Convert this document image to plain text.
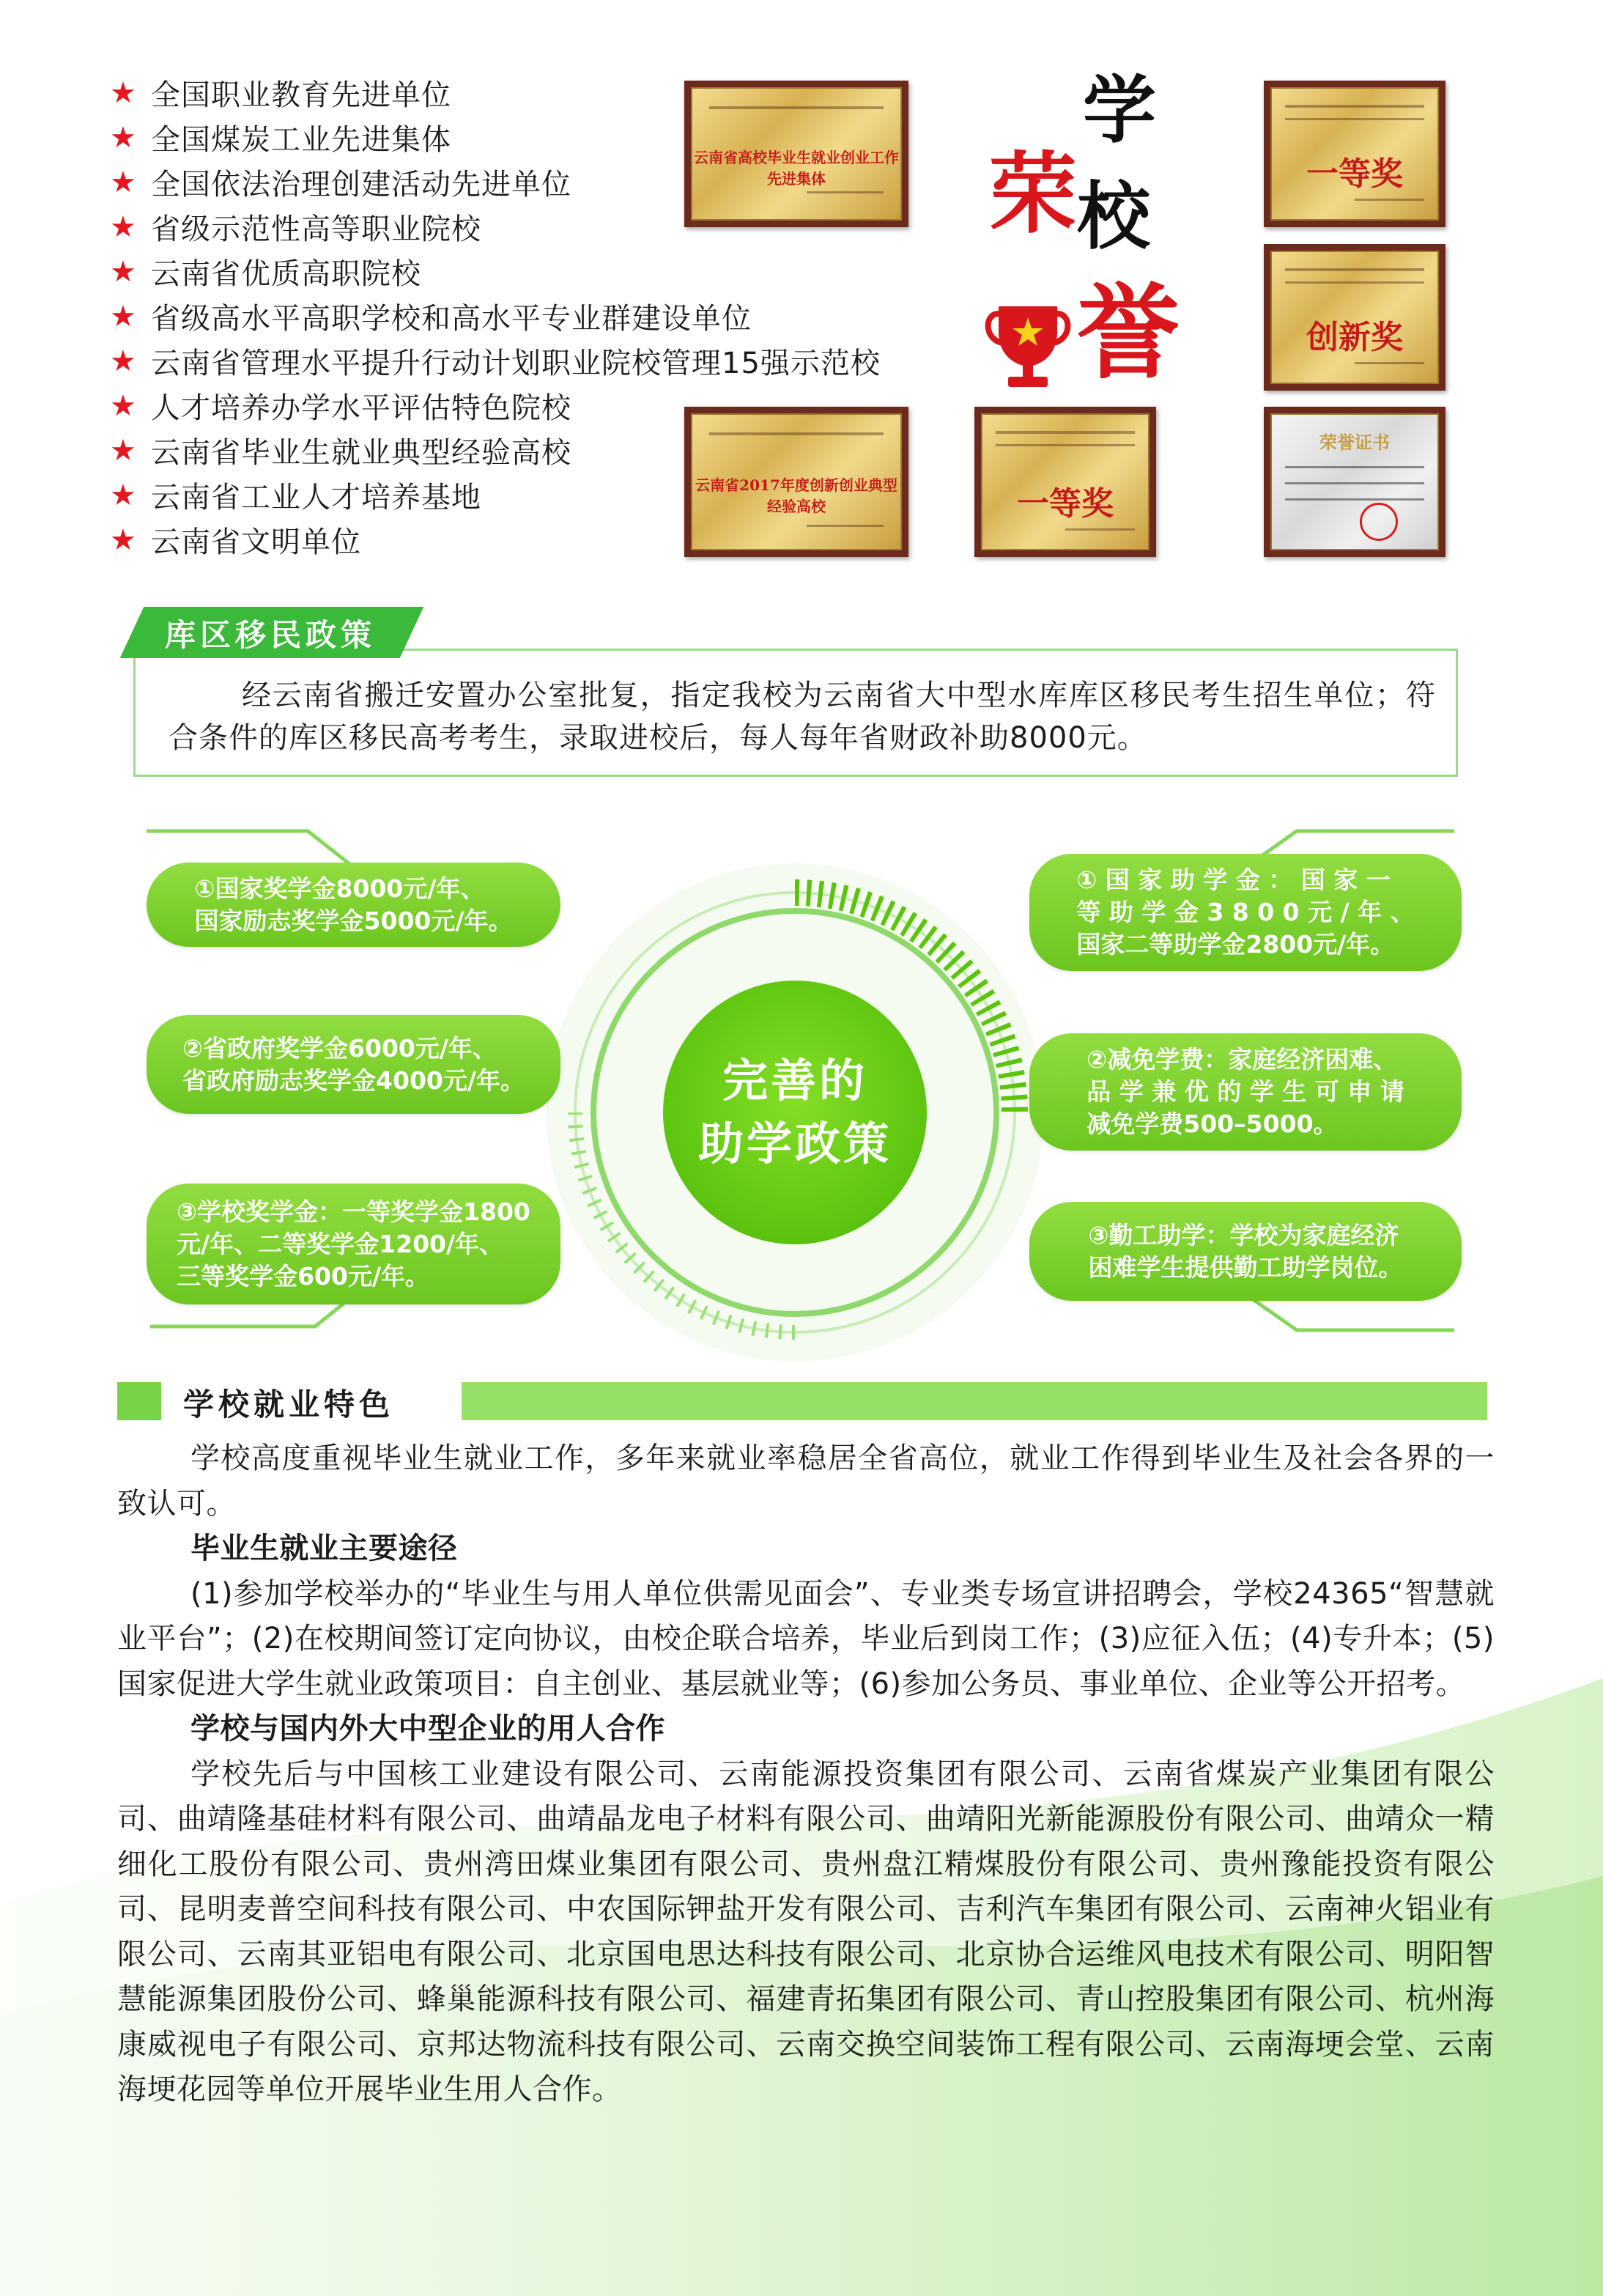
★ 全国职业教育先进单位
★ 全国煤炭工业先进集体
★ 全国依法治理创建活动先进单位
★ 省级示范性高等职业院校
★ 云南省优质高职院校
★ 省级高水平高职学校和高水平专业群建设单位
★ 云南省管理水平提升行动计划职业院校管理15强示范校
★ 人才培养办学水平评估特色院校
★ 云南省毕业生就业典型经验高校
★ 云南省工业人才培养基地
★ 云南省文明单位
学
荣 校
誉
云南省高校毕业生就业创业工作先进集体	一等奖
创新奖
云南省2017年度创新创业典型经验高校	一等奖
荣誉证书
库区移民政策

经云南省搬迁安置办公室批复，指定我校为云南省大中型水库库区移民考生招生单位；符合条件的库区移民高考考生，录取进校后，每人每年省财政补助8000元。

①国家奖学金8000元/年、
国家励志奖学金5000元/年。
②省政府奖学金6000元/年、
省政府励志奖学金4000元/年。
③学校奖学金：一等奖学金1800
元/年、二等奖学金1200/年、
三等奖学金600元/年。
完善的
助学政策
① 国 家 助 学 金 ： 国 家 一
等 助 学 金 3 8 0 0 元 / 年 、
国家二等助学金2800元/年。
②减免学费：家庭经济困难、
品 学 兼 优 的 学 生 可 申 请
减免学费500–5000。
③勤工助学：学校为家庭经济
困难学生提供勤工助学岗位。
学校就业特色

学校高度重视毕业生就业工作，多年来就业率稳居全省高位，就业工作得到毕业生及社会各界的一致认可。

毕业生就业主要途径

(1)参加学校举办的“毕业生与用人单位供需见面会”、专业类专场宣讲招聘会，学校24365“智慧就业平台”；(2)在校期间签订定向协议，由校企联合培养，毕业后到岗工作；(3)应征入伍；(4)专升本；(5)国家促进大学生就业政策项目：自主创业、基层就业等；(6)参加公务员、事业单位、企业等公开招考。

学校与国内外大中型企业的用人合作

学校先后与中国核工业建设有限公司、云南能源投资集团有限公司、云南省煤炭产业集团有限公司、曲靖隆基硅材料有限公司、曲靖晶龙电子材料有限公司、曲靖阳光新能源股份有限公司、曲靖众一精细化工股份有限公司、贵州湾田煤业集团有限公司、贵州盘江精煤股份有限公司、贵州豫能投资有限公司、昆明麦普空间科技有限公司、中农国际钾盐开发有限公司、吉利汽车集团有限公司、云南神火铝业有限公司、云南其亚铝电有限公司、北京国电思达科技有限公司、北京协合运维风电技术有限公司、明阳智慧能源集团股份公司、蜂巢能源科技有限公司、福建青拓集团有限公司、青山控股集团有限公司、杭州海康威视电子有限公司、京邦达物流科技有限公司、云南交换空间装饰工程有限公司、云南海埂会堂、云南海埂花园等单位开展毕业生用人合作。
